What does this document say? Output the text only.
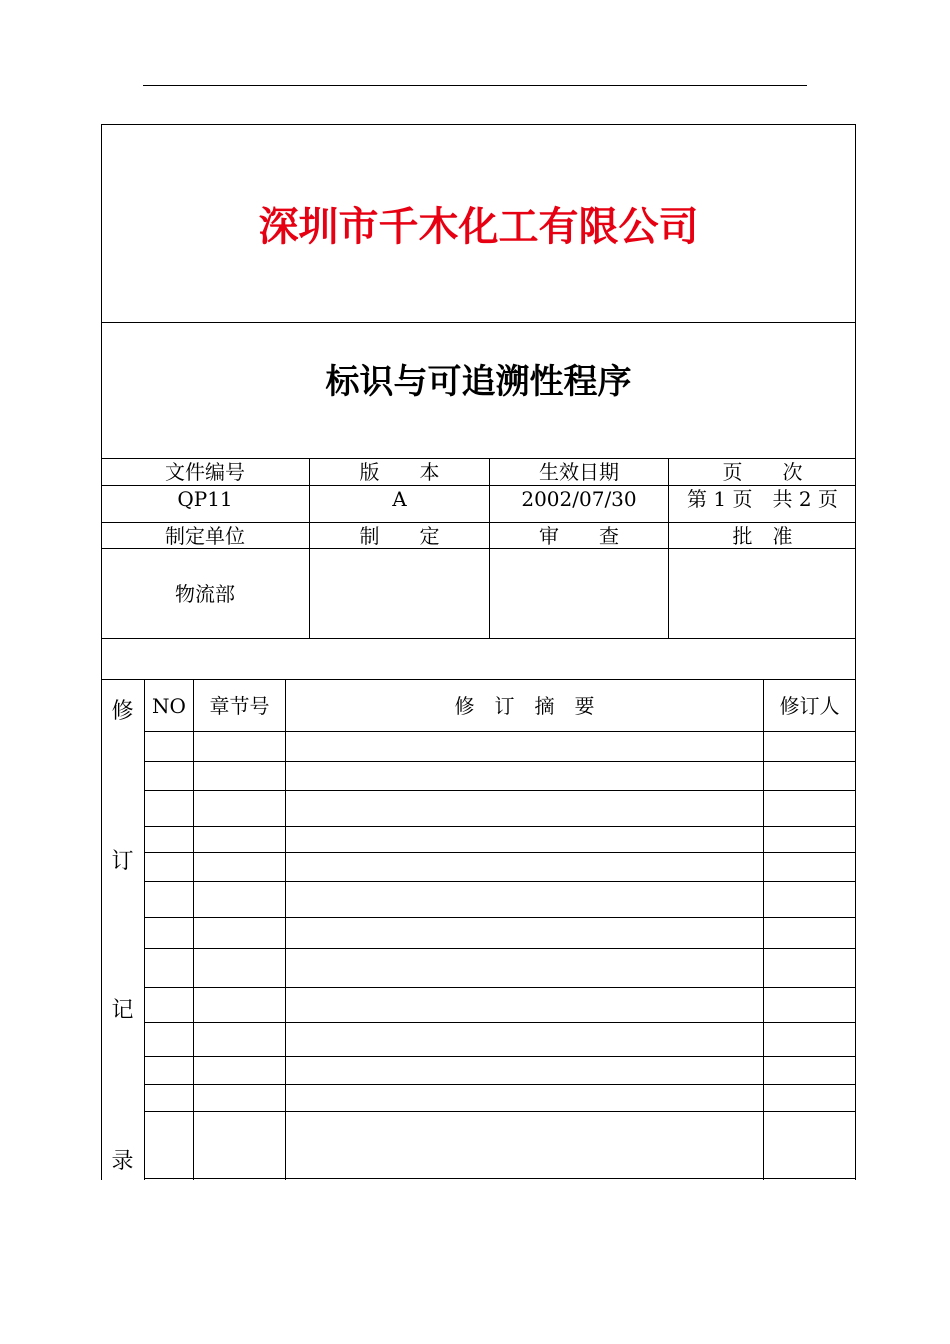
深圳市千木化工有限公司
标识与可追溯性程序
文件编号	版　　本	生效日期	页　　次
QP11	A	2002/07/30	第 1 页　共 2 页
制定单位	制　　定	审　　查	批　准
物流部
NO	章节号	修　订　摘　要	修订人
修
订
记
录
